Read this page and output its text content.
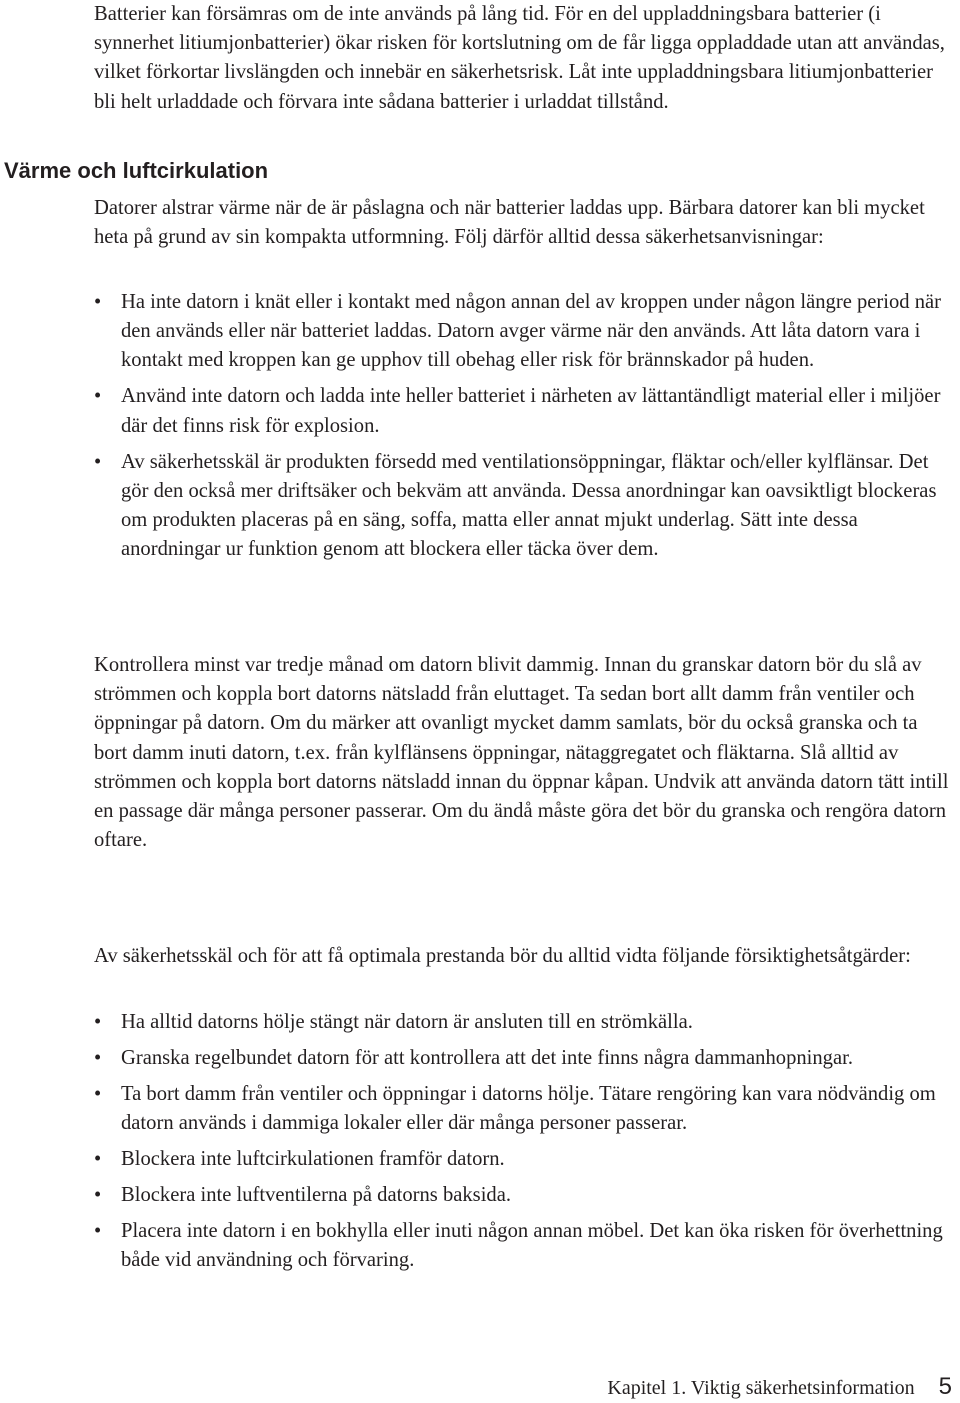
Batterier kan försämras om de inte används på lång tid. För en del uppladdningsbara batterier (i synnerhet litiumjonbatterier) ökar risken för kortslutning om de får ligga oppladdade utan att användas, vilket förkortar livslängden och innebär en säkerhetsrisk. Låt inte uppladdningsbara litiumjonbatterier bli helt urladdade och förvara inte sådana batterier i urladdat tillstånd.

Värme och luftcirkulation

Datorer alstrar värme när de är påslagna och när batterier laddas upp. Bärbara datorer kan bli mycket heta på grund av sin kompakta utformning. Följ därför alltid dessa säkerhetsanvisningar:

• Ha inte datorn i knät eller i kontakt med någon annan del av kroppen under någon längre period när den används eller när batteriet laddas. Datorn avger värme när den används. Att låta datorn vara i kontakt med kroppen kan ge upphov till obehag eller risk för brännskador på huden.
• Använd inte datorn och ladda inte heller batteriet i närheten av lättantändligt material eller i miljöer där det finns risk för explosion.
• Av säkerhetsskäl är produkten försedd med ventilationsöppningar, fläktar och/eller kylflänsar. Det gör den också mer driftsäker och bekväm att använda. Dessa anordningar kan oavsiktligt blockeras om produkten placeras på en säng, soffa, matta eller annat mjukt underlag. Sätt inte dessa anordningar ur funktion genom att blockera eller täcka över dem.

Kontrollera minst var tredje månad om datorn blivit dammig. Innan du granskar datorn bör du slå av strömmen och koppla bort datorns nätsladd från eluttaget. Ta sedan bort allt damm från ventiler och öppningar på datorn. Om du märker att ovanligt mycket damm samlats, bör du också granska och ta bort damm inuti datorn, t.ex. från kylflänsens öppningar, nätaggregatet och fläktarna. Slå alltid av strömmen och koppla bort datorns nätsladd innan du öppnar kåpan. Undvik att använda datorn tätt intill en passage där många personer passerar. Om du ändå måste göra det bör du granska och rengöra datorn oftare.

Av säkerhetsskäl och för att få optimala prestanda bör du alltid vidta följande försiktighetsåtgärder:

• Ha alltid datorns hölje stängt när datorn är ansluten till en strömkälla.
• Granska regelbundet datorn för att kontrollera att det inte finns några dammanhopningar.
• Ta bort damm från ventiler och öppningar i datorns hölje. Tätare rengöring kan vara nödvändig om datorn används i dammiga lokaler eller där många personer passerar.
• Blockera inte luftcirkulationen framför datorn.
• Blockera inte luftventilerna på datorns baksida.
• Placera inte datorn i en bokhylla eller inuti någon annan möbel. Det kan öka risken för överhettning både vid användning och förvaring.
Kapitel 1. Viktig säkerhetsinformation 5
